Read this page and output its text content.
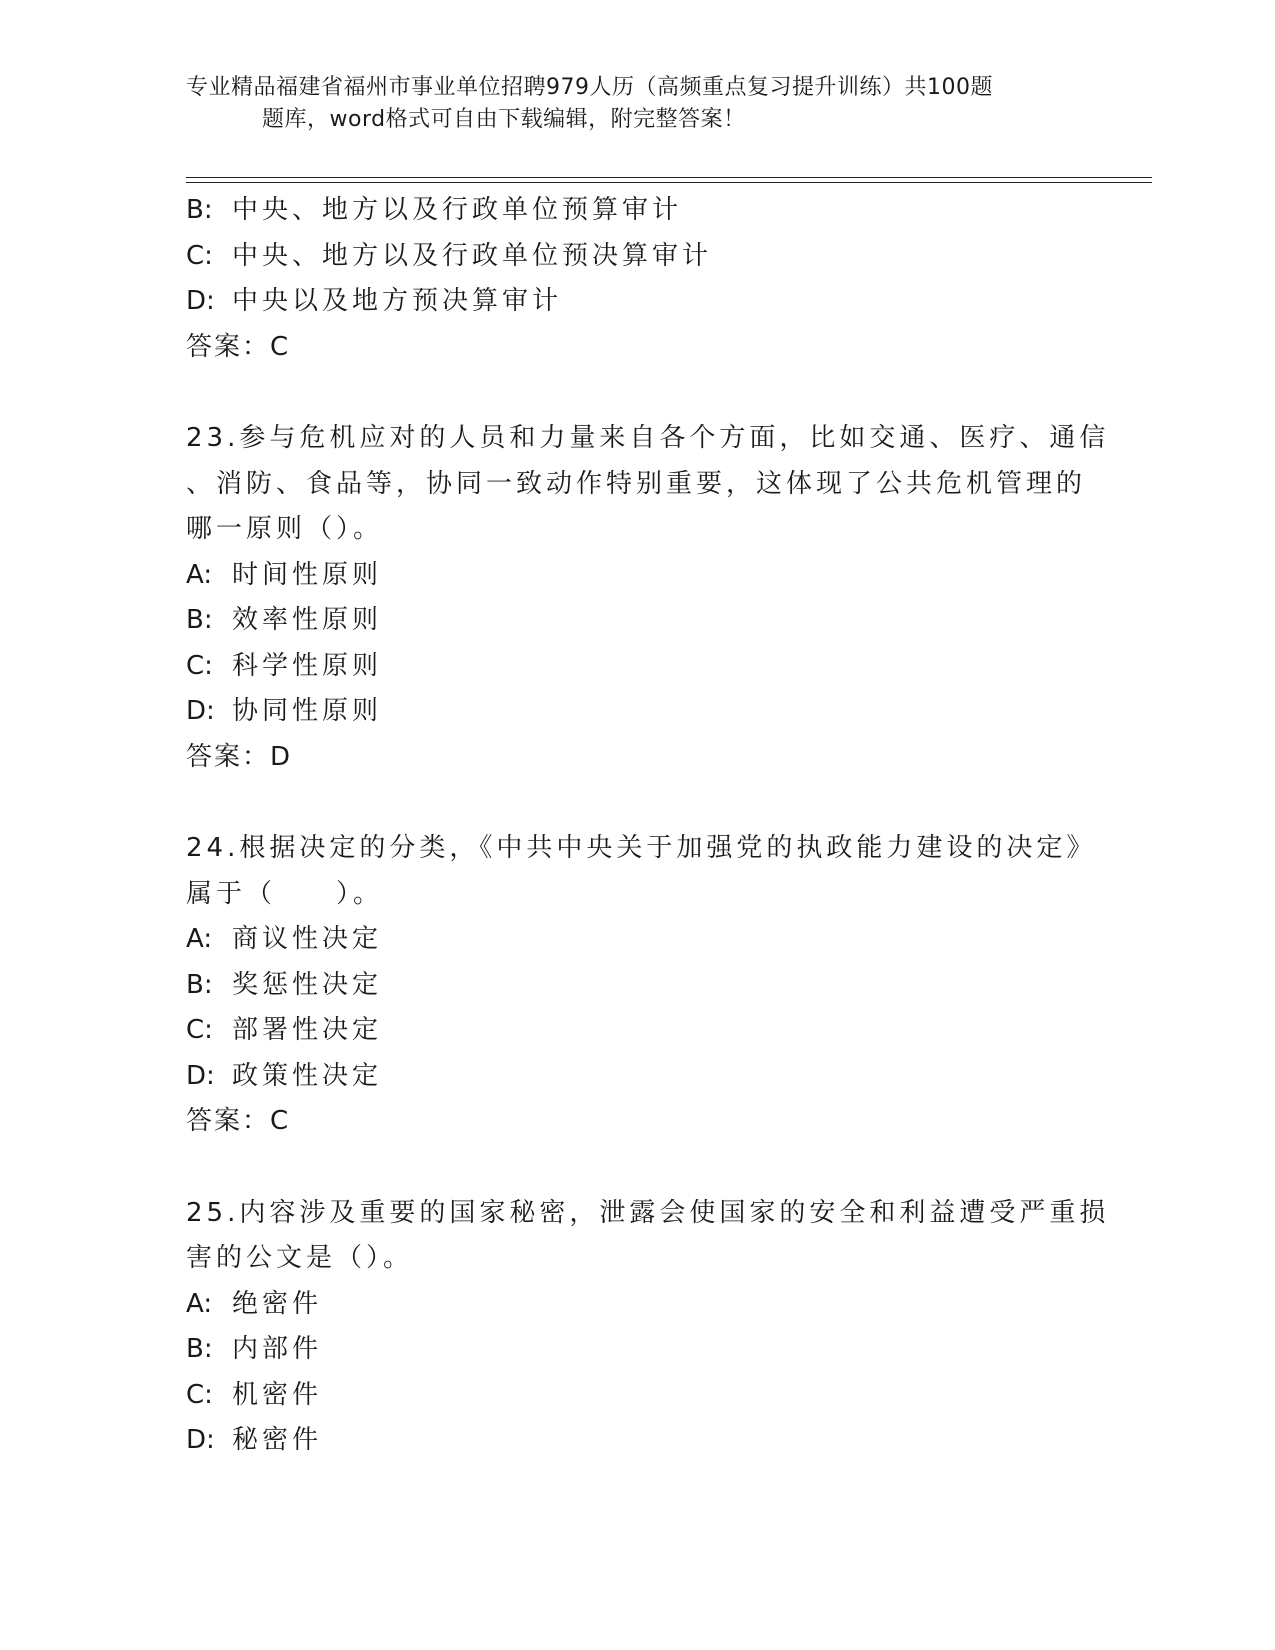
专业精品福建省福州市事业单位招聘979人历（高频重点复习提升训练）共100题
题库，word格式可自由下载编辑，附完整答案！
B: 中央、地方以及行政单位预算审计
C: 中央、地方以及行政单位预决算审计
D: 中央以及地方预决算审计
答案：C
23.参与危机应对的人员和力量来自各个方面，比如交通、医疗、通信
、消防、食品等，协同一致动作特别重要，这体现了公共危机管理的
哪一原则（）。
A: 时间性原则
B: 效率性原则
C: 科学性原则
D: 协同性原则
答案：D
24.根据决定的分类，《中共中央关于加强党的执政能力建设的决定》
属于（　　）。
A: 商议性决定
B: 奖惩性决定
C: 部署性决定
D: 政策性决定
答案：C
25.内容涉及重要的国家秘密，泄露会使国家的安全和利益遭受严重损
害的公文是（）。
A: 绝密件
B: 内部件
C: 机密件
D: 秘密件
